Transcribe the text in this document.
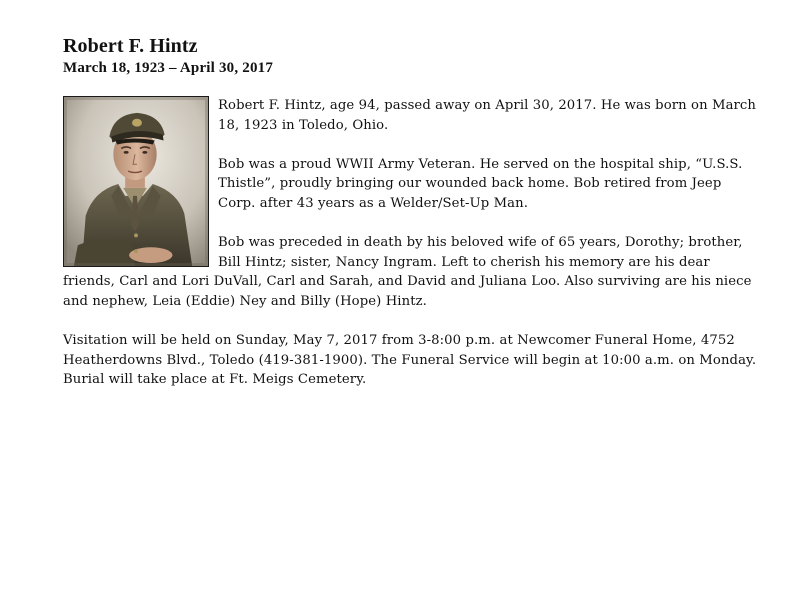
Robert F. Hintz
March 18, 1923 – April 30, 2017

Robert F. Hintz, age 94, passed away on April 30, 2017. He was born on March 18, 1923 in Toledo, Ohio.

Bob was a proud WWII Army Veteran. He served on the hospital ship, “U.S.S. Thistle”, proudly bringing our wounded back home. Bob retired from Jeep Corp. after 43 years as a Welder/Set-Up Man.

Bob was preceded in death by his beloved wife of 65 years, Dorothy; brother, Bill Hintz; sister, Nancy Ingram. Left to cherish his memory are his dear friends, Carl and Lori DuVall, Carl and Sarah, and David and Juliana Loo. Also surviving are his niece and nephew, Leia (Eddie) Ney and Billy (Hope) Hintz.

Visitation will be held on Sunday, May 7, 2017 from 3-8:00 p.m. at Newcomer Funeral Home, 4752 Heatherdowns Blvd., Toledo (419-381-1900). The Funeral Service will begin at 10:00 a.m. on Monday. Burial will take place at Ft. Meigs Cemetery.
